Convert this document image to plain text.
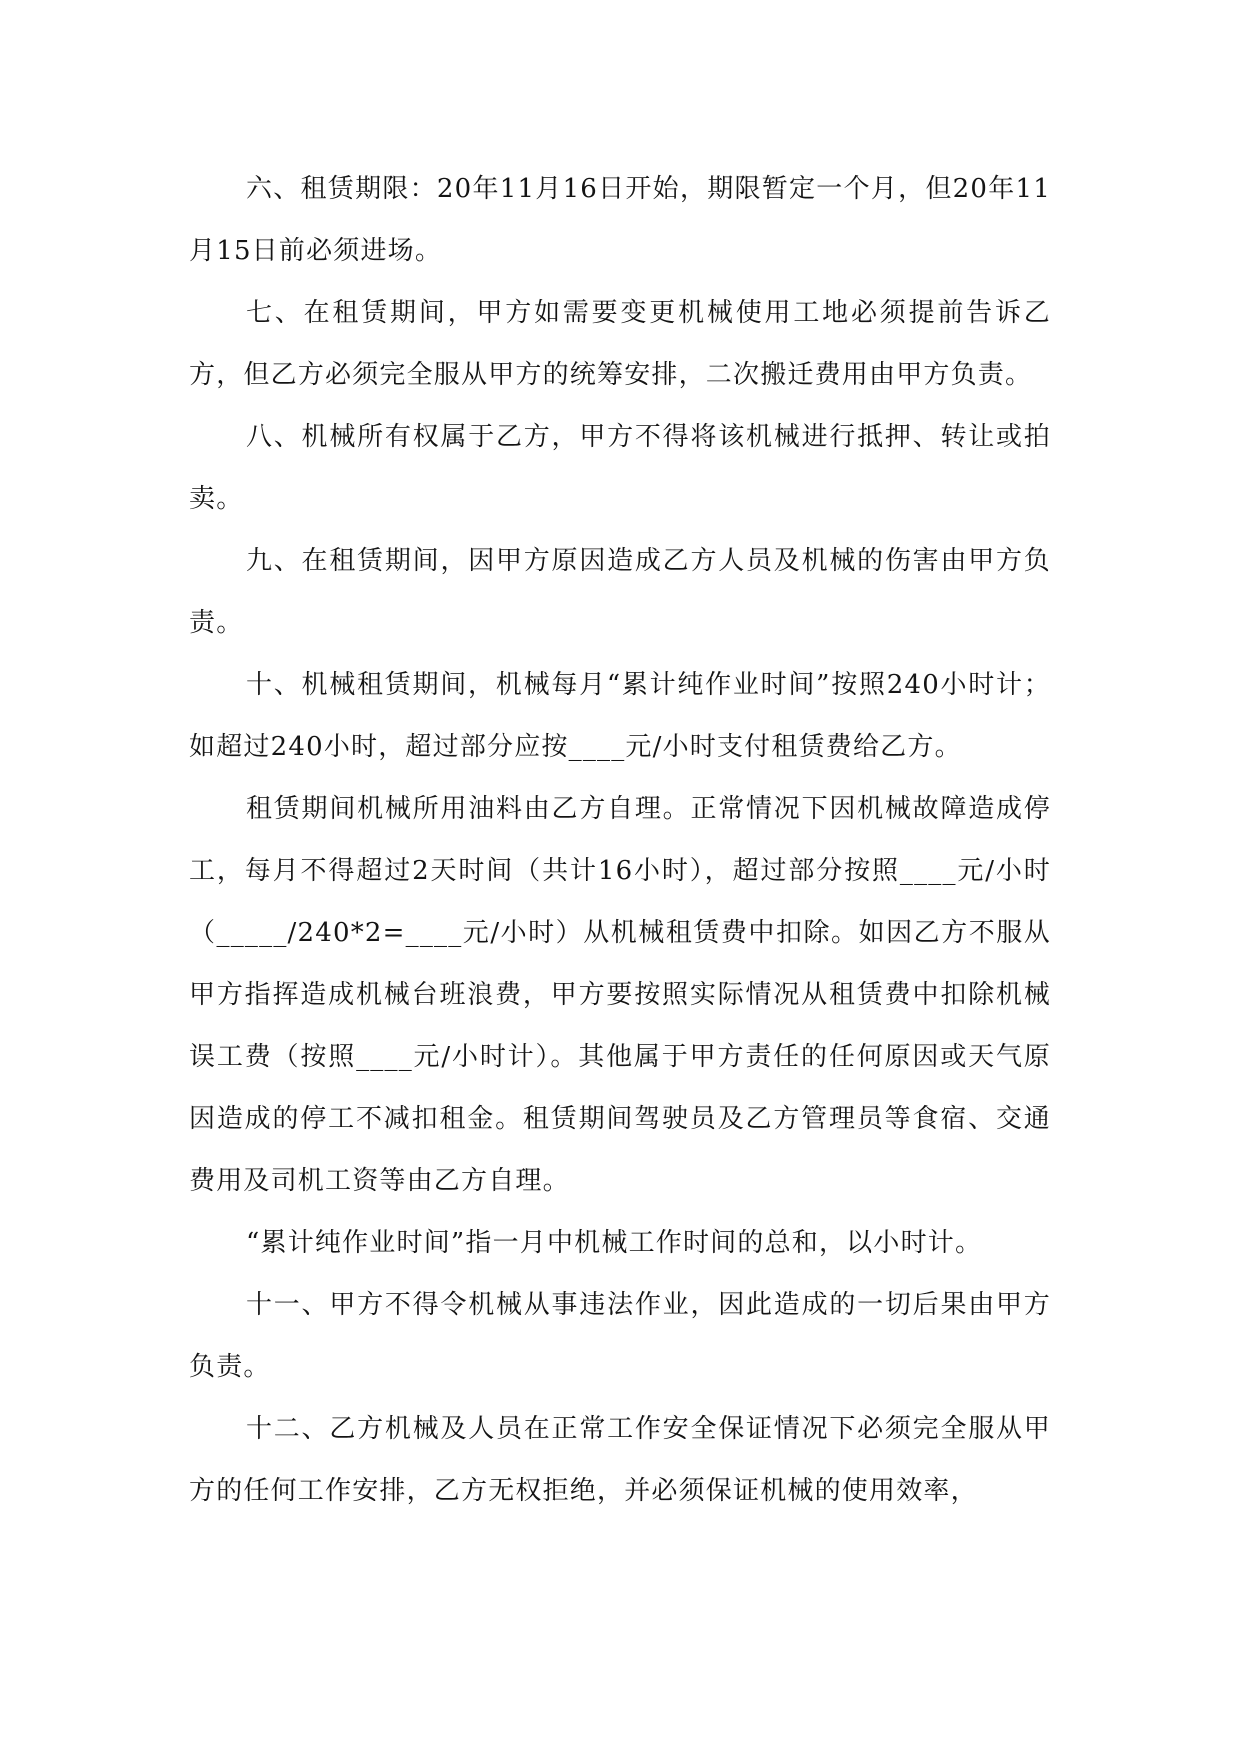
六、租赁期限：20年11月16日开始，期限暂定一个月，但20年11月15日前必须进场。

七、在租赁期间，甲方如需要变更机械使用工地必须提前告诉乙方，但乙方必须完全服从甲方的统筹安排，二次搬迁费用由甲方负责。

八、机械所有权属于乙方，甲方不得将该机械进行抵押、转让或拍卖。

九、在租赁期间，因甲方原因造成乙方人员及机械的伤害由甲方负责。

十、机械租赁期间，机械每月“累计纯作业时间”按照240小时计；如超过240小时，超过部分应按____元/小时支付租赁费给乙方。

租赁期间机械所用油料由乙方自理。正常情况下因机械故障造成停工，每月不得超过2天时间（共计16小时），超过部分按照____元/小时（_____/240*2=____元/小时）从机械租赁费中扣除。如因乙方不服从甲方指挥造成机械台班浪费，甲方要按照实际情况从租赁费中扣除机械误工费（按照____元/小时计）。其他属于甲方责任的任何原因或天气原因造成的停工不减扣租金。租赁期间驾驶员及乙方管理员等食宿、交通费用及司机工资等由乙方自理。

“累计纯作业时间”指一月中机械工作时间的总和，以小时计。

十一、甲方不得令机械从事违法作业，因此造成的一切后果由甲方负责。

十二、乙方机械及人员在正常工作安全保证情况下必须完全服从甲方的任何工作安排，乙方无权拒绝，并必须保证机械的使用效率，
